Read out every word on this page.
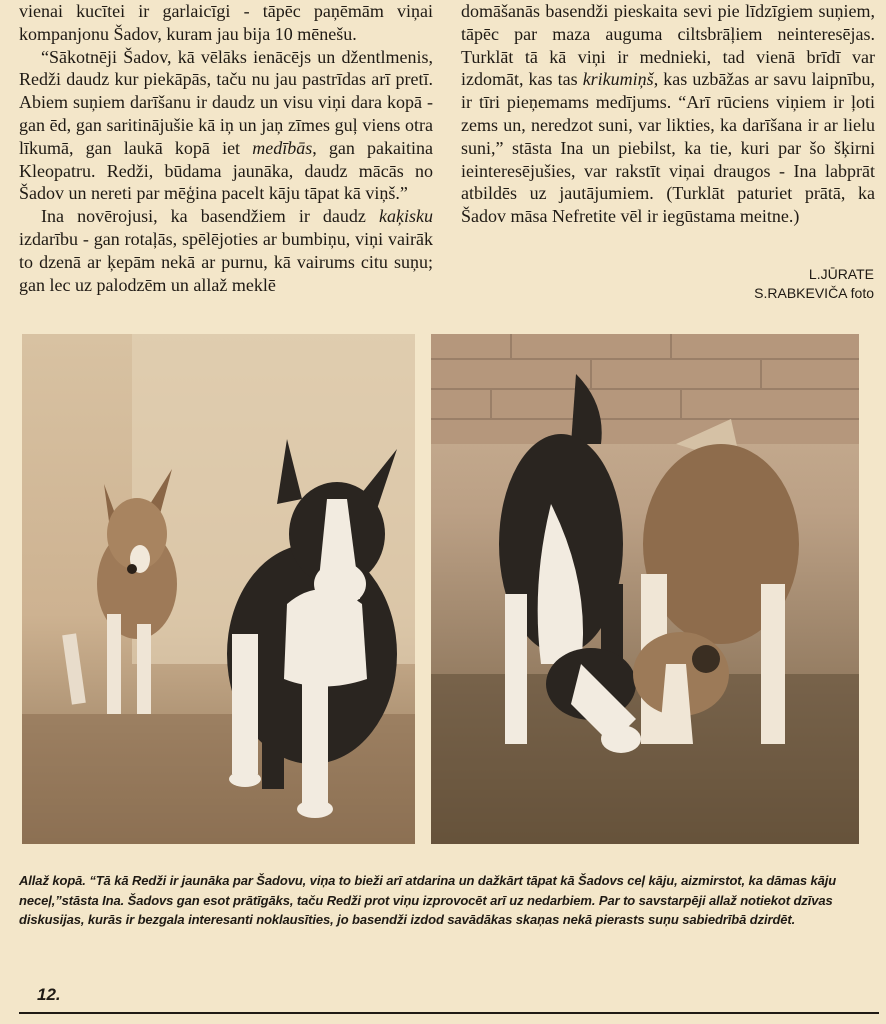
vienai kucītei ir garlaicīgi - tāpēc paņēmām viņai kompanjonu Šadov, kuram jau bija 10 mēnešu.

“Sākotnēji Šadov, kā vēlāks ienācējs un džentlmenis, Redži daudz kur piekāpās, taču nu jau pastrīdas arī pretī. Abiem suņiem darīšanu ir daudz un visu viņi dara kopā - gan ēd, gan saritinājušie kā iņ un jaņ zīmes guļ viens otra līkumā, gan laukā kopā iet medībās, gan pakaitina Kleopatru. Redži, būdama jaunāka, daudz mācās no Šadov un nereti par mēģina pacelt kāju tāpat kā viņš.”

Ina novērojusi, ka basendžiem ir daudz kaķisku izdarību - gan rotaļās, spēlējoties ar bumbiņu, viņi vairāk to dzenā ar ķepām nekā ar purnu, kā vairums citu suņu; gan lec uz palodzēm un allaž meklē

domāšanās basendži pieskaita sevi pie līdzīgiem suņiem, tāpēc par maza auguma ciltsbrāļiem neinteresējas. Turklāt tā kā viņi ir mednieki, tad vienā brīdī var izdomāt, kas tas krikumiņš, kas uzbāžas ar savu laipnību, ir tīri pieņemams medījums. “Arī rūciens viņiem ir ļoti zems un, neredzot suni, var likties, ka darīšana ir ar lielu suni,” stāsta Ina un piebilst, ka tie, kuri par šo šķirni ieinteresējušies, var rakstīt viņai draugos - Ina labprāt atbildēs uz jautājumiem. (Turklāt paturiet prātā, ka Šadov māsa Nefretite vēl ir iegūstama meitne.)

L.JŪRATE
S.RABKEVIČA foto
Allaž kopā. “Tā kā Redži ir jaunāka par Šadovu, viņa to bieži arī atdarina un dažkārt tāpat kā Šadovs ceļ kāju, aizmirstot, ka dāmas kāju neceļ,”stāsta Ina. Šadovs gan esot prātīgāks, taču Redži prot viņu izprovocēt arī uz nedarbiem. Par to savstarpēji allaž notiekot dzīvas diskusijas, kurās ir bezgala interesanti noklausīties, jo basendži izdod savādākas skaņas nekā pierasts suņu sabiedrībā dzirdēt.
12.
